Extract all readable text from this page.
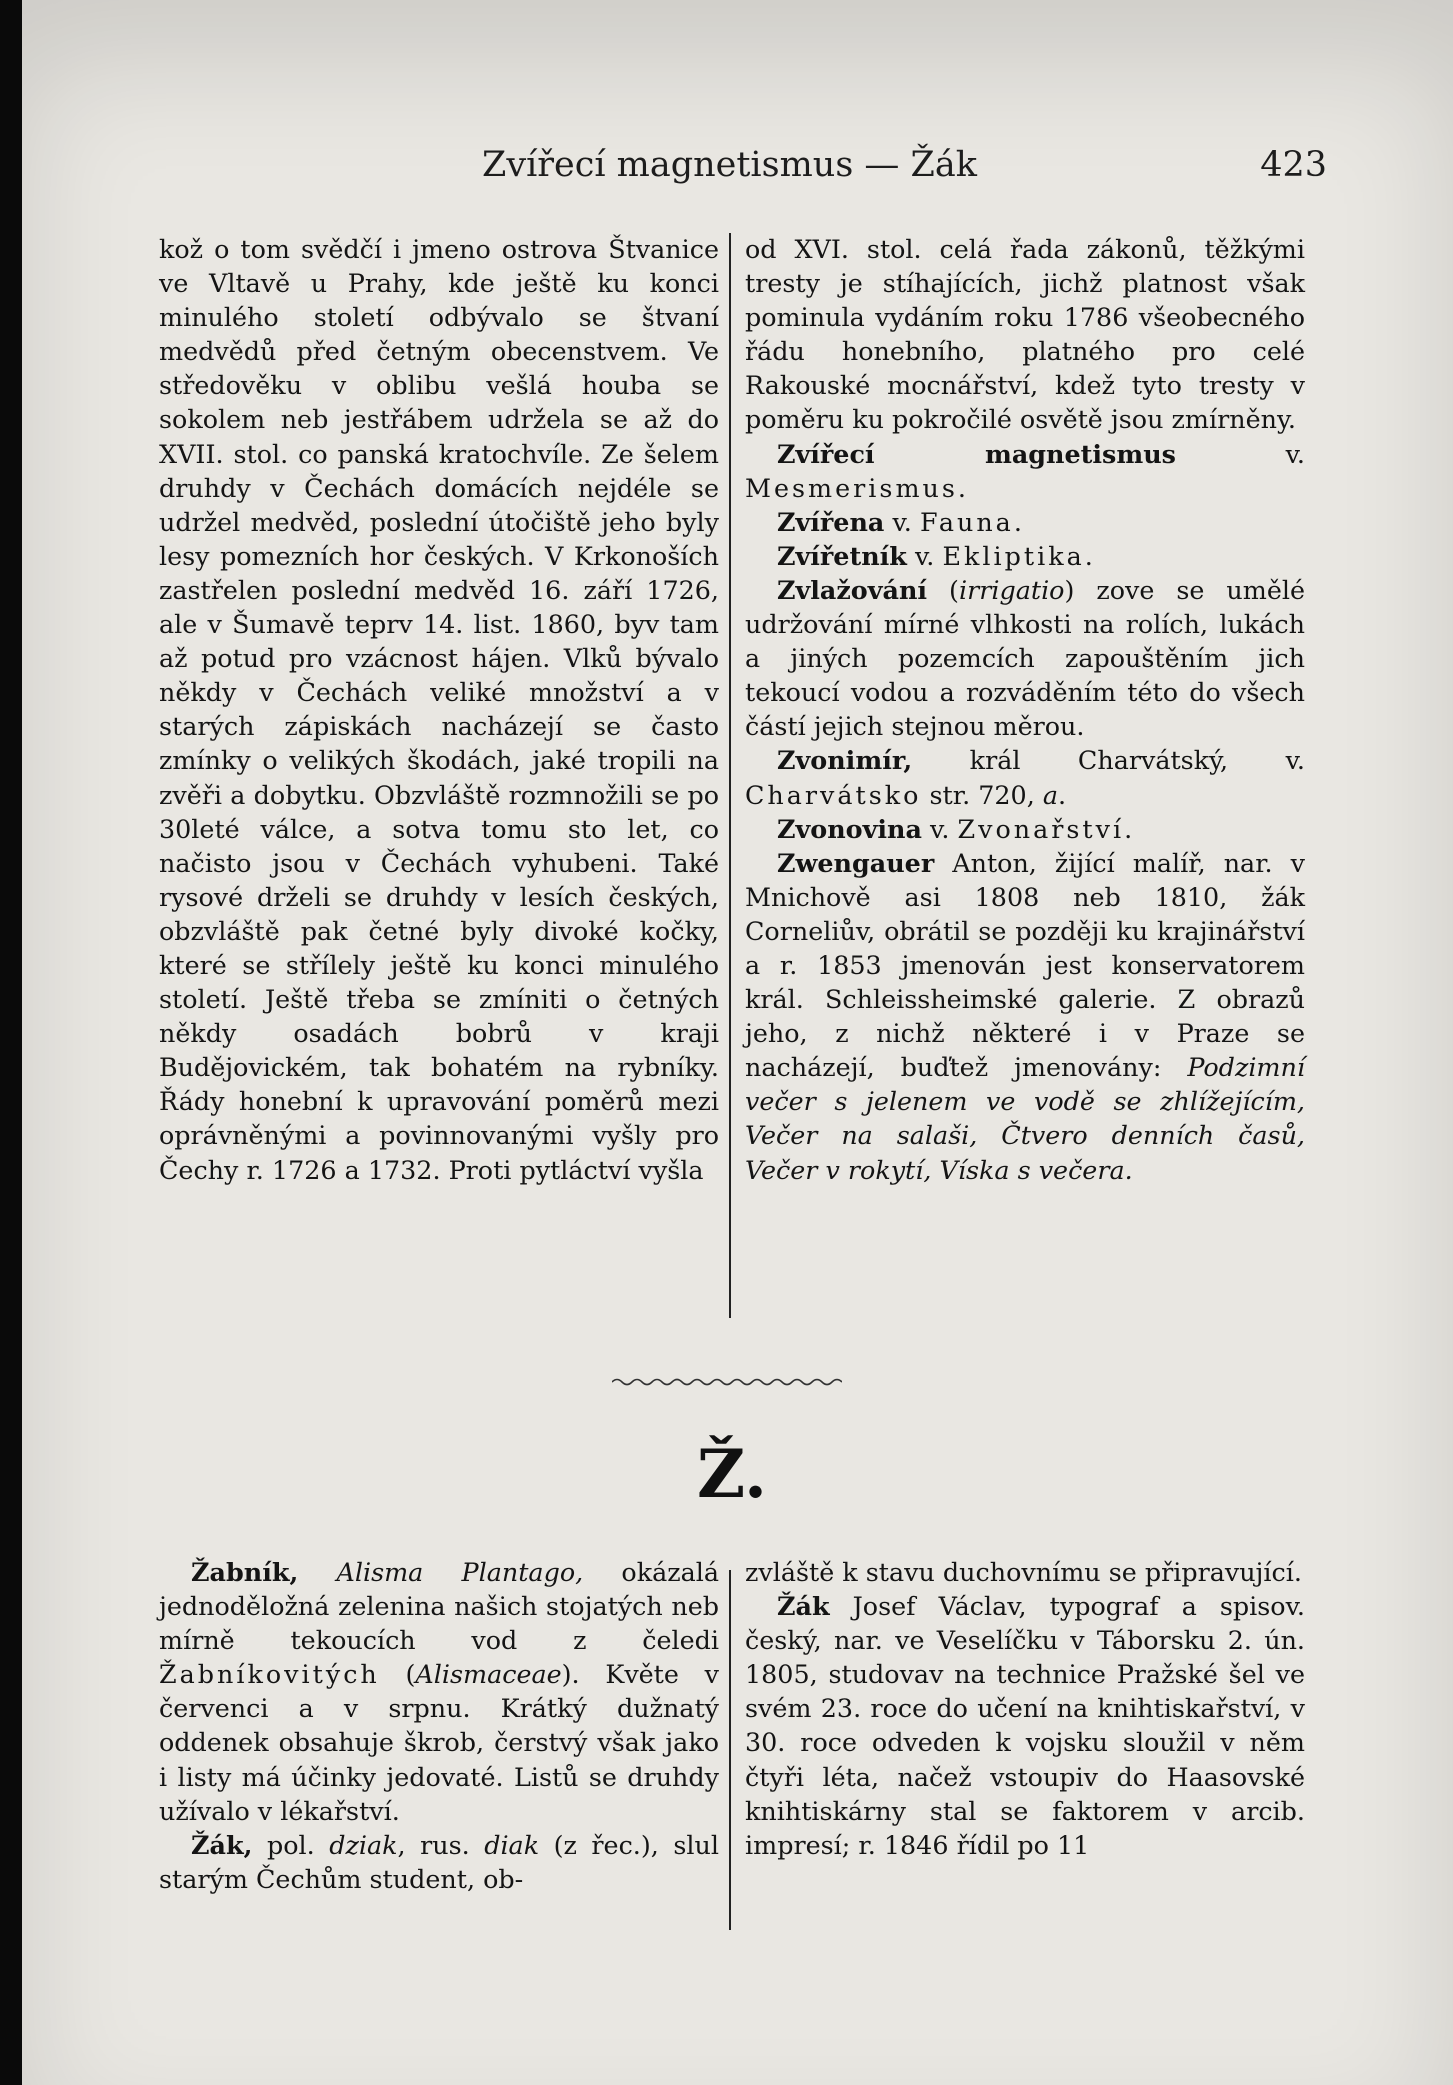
Zvířecí magnetismus — Žák	423

kož o tom svědčí i jmeno ostrova Štvanice ve Vltavě u Prahy, kde ještě ku konci minulého století odbývalo se štvaní medvědů před četným obecenstvem. Ve středověku v oblibu vešlá houba se sokolem neb jestřábem udržela se až do XVII. stol. co panská kratochvíle. Ze šelem druhdy v Čechách domácích nejdéle se udržel medvěd, poslední útočiště jeho byly lesy pomezních hor českých. V Krkonoších zastřelen poslední medvěd 16. září 1726, ale v Šumavě teprv 14. list. 1860, byv tam až potud pro vzácnost hájen. Vlků bývalo někdy v Čechách veliké množství a v starých zápiskách nacházejí se často zmínky o velikých škodách, jaké tropili na zvěři a dobytku. Obzvláště rozmnožili se po 30leté válce, a sotva tomu sto let, co načisto jsou v Čechách vyhubeni. Také rysové drželi se druhdy v lesích českých, obzvláště pak četné byly divoké kočky, které se střílely ještě ku konci minulého století. Ještě třeba se zmíniti o četných někdy osadách bobrů v kraji Budějovickém, tak bohatém na rybníky. Řády honební k upravování poměrů mezi oprávněnými a povinnovanými vyšly pro Čechy r. 1726 a 1732. Proti pytláctví vyšla

od XVI. stol. celá řada zákonů, těžkými tresty je stíhajících, jichž platnost však pominula vydáním roku 1786 všeobecného řádu honebního, platného pro celé Rakouské mocnářství, kdež tyto tresty v poměru ku pokročilé osvětě jsou zmírněny.

Zvířecí magnetismus v. Mesmerismus.

Zvířena v. Fauna.

Zvířetník v. Ekliptika.

Zvlažování (irrigatio) zove se umělé udržování mírné vlhkosti na rolích, lukách a jiných pozemcích zapouštěním jich tekoucí vodou a rozváděním této do všech částí jejich stejnou měrou.

Zvonimír, král Charvátský, v. Charvátsko str. 720, a.

Zvonovina v. Zvonařství.

Zwengauer Anton, žijící malíř, nar. v Mnichově asi 1808 neb 1810, žák Corneliův, obrátil se později ku krajinářství a r. 1853 jmenován jest konservatorem král. Schleissheimské galerie. Z obrazů jeho, z nichž některé i v Praze se nacházejí, buďtež jmenovány: Podzimní večer s jelenem ve vodě se zhlížejícím, Večer na salaši, Čtvero denních časů, Večer v rokytí, Víska s večera.

Ž.

Žabník, Alisma Plantago, okázalá jednoděložná zelenina našich stojatých neb mírně tekoucích vod z čeledi Žabníkovitých (Alismaceae). Květe v červenci a v srpnu. Krátký dužnatý oddenek obsahuje škrob, čerstvý však jako i listy má účinky jedovaté. Listů se druhdy užívalo v lékařství.

Žák, pol. dziak, rus. diak (z řec.), slul starým Čechům student, ob-

zvláště k stavu duchovnímu se připravující.

Žák Josef Václav, typograf a spisov. český, nar. ve Veselíčku v Táborsku 2. ún. 1805, studovav na technice Pražské šel ve svém 23. roce do učení na knihtiskařství, v 30. roce odveden k vojsku sloužil v něm čtyři léta, načež vstoupiv do Haasovské knihtiskárny stal se faktorem v arcib. impresí; r. 1846 řídil po 11
